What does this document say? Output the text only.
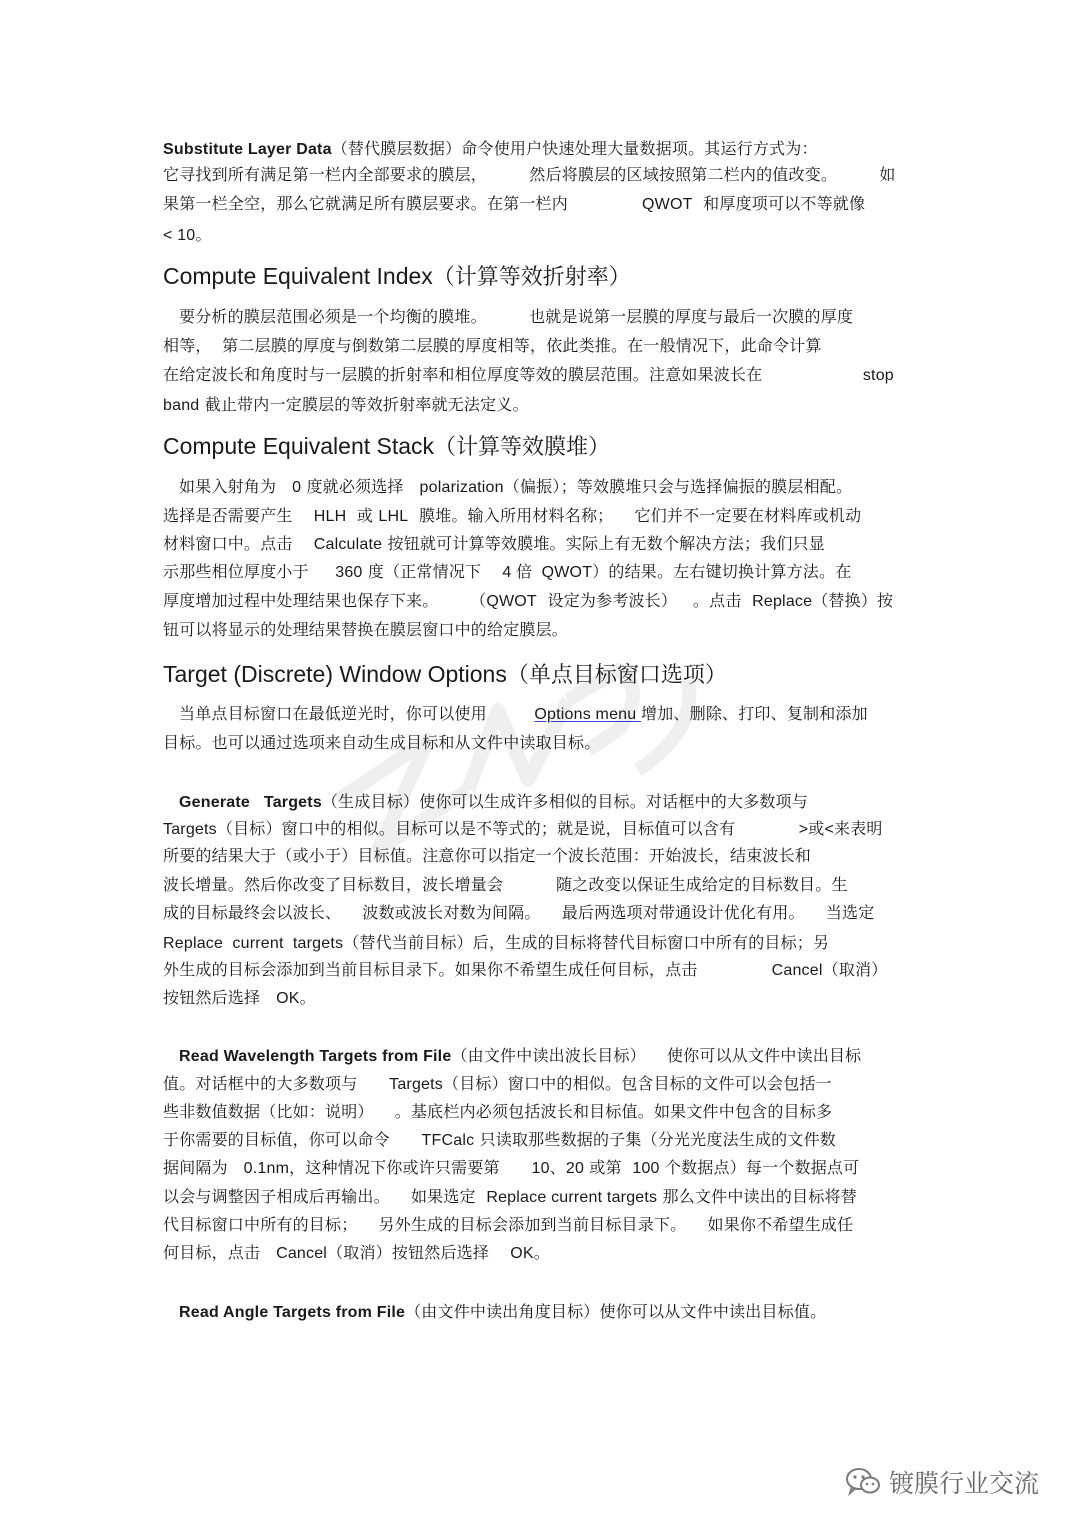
Substitute Layer Data（替代膜层数据）命令使用户快速处理大量数据项。其运行方式为：
它寻找到所有满足第一栏内全部要求的膜层，        然后将膜层的区域按照第二栏内的值改变。        如
果第一栏全空，那么它就满足所有膜层要求。在第一栏内              QWOT  和厚度项可以不等就像
< 10。
Compute Equivalent Index（计算等效折射率）
要分析的膜层范围必须是一个均衡的膜堆。        也就是说第一层膜的厚度与最后一次膜的厚度
相等，  第二层膜的厚度与倒数第二层膜的厚度相等，依此类推。在一般情况下，此命令计算
在给定波长和角度时与一层膜的折射率和相位厚度等效的膜层范围。注意如果波长在                   stop
band 截止带内一定膜层的等效折射率就无法定义。
Compute Equivalent Stack（计算等效膜堆）
如果入射角为   0 度就必须选择   polarization（偏振）；等效膜堆只会与选择偏振的膜层相配。
选择是否需要产生    HLH  或 LHL  膜堆。输入所用材料名称；    它们并不一定要在材料库或机动
材料窗口中。点击    Calculate 按钮就可计算等效膜堆。实际上有无数个解决方法；我们只显
示那些相位厚度小于     360 度（正常情况下    4 倍  QWOT）的结果。左右键切换计算方法。在
厚度增加过程中处理结果也保存下来。      （QWOT  设定为参考波长）   。点击  Replace（替换）按
钮可以将显示的处理结果替换在膜层窗口中的给定膜层。
Target (Discrete) Window Options（单点目标窗口选项）
当单点目标窗口在最低逆光时，你可以使用         Options menu 增加、删除、打印、复制和添加
目标。也可以通过选项来自动生成目标和从文件中读取目标。
Generate   Targets（生成目标）使你可以生成许多相似的目标。对话框中的大多数项与
Targets（目标）窗口中的相似。目标可以是不等式的；就是说，目标值可以含有            >或<来表明
所要的结果大于（或小于）目标值。注意你可以指定一个波长范围：开始波长，结束波长和
波长增量。然后你改变了目标数目，波长增量会          随之改变以保证生成给定的目标数目。生
成的目标最终会以波长、    波数或波长对数为间隔。    最后两选项对带通设计优化有用。    当选定
Replace  current  targets（替代当前目标）后，生成的目标将替代目标窗口中所有的目标；另
外生成的目标会添加到当前目标目录下。如果你不希望生成任何目标，点击              Cancel（取消）
按钮然后选择   OK。
Read Wavelength Targets from File（由文件中读出波长目标）    使你可以从文件中读出目标
值。对话框中的大多数项与      Targets（目标）窗口中的相似。包含目标的文件可以会包括一
些非数值数据（比如：说明）    。基底栏内必须包括波长和目标值。如果文件中包含的目标多
于你需要的目标值，你可以命令      TFCalc 只读取那些数据的子集（分光光度法生成的文件数
据间隔为   0.1nm，这种情况下你或许只需要第      10、20 或第  100 个数据点）每一个数据点可
以会与调整因子相成后再输出。    如果选定  Replace current targets 那么文件中读出的目标将替
代目标窗口中所有的目标；    另外生成的目标会添加到当前目标目录下。    如果你不希望生成任
何目标，点击   Cancel（取消）按钮然后选择    OK。
Read Angle Targets from File（由文件中读出角度目标）使你可以从文件中读出目标值。
镀膜行业交流
